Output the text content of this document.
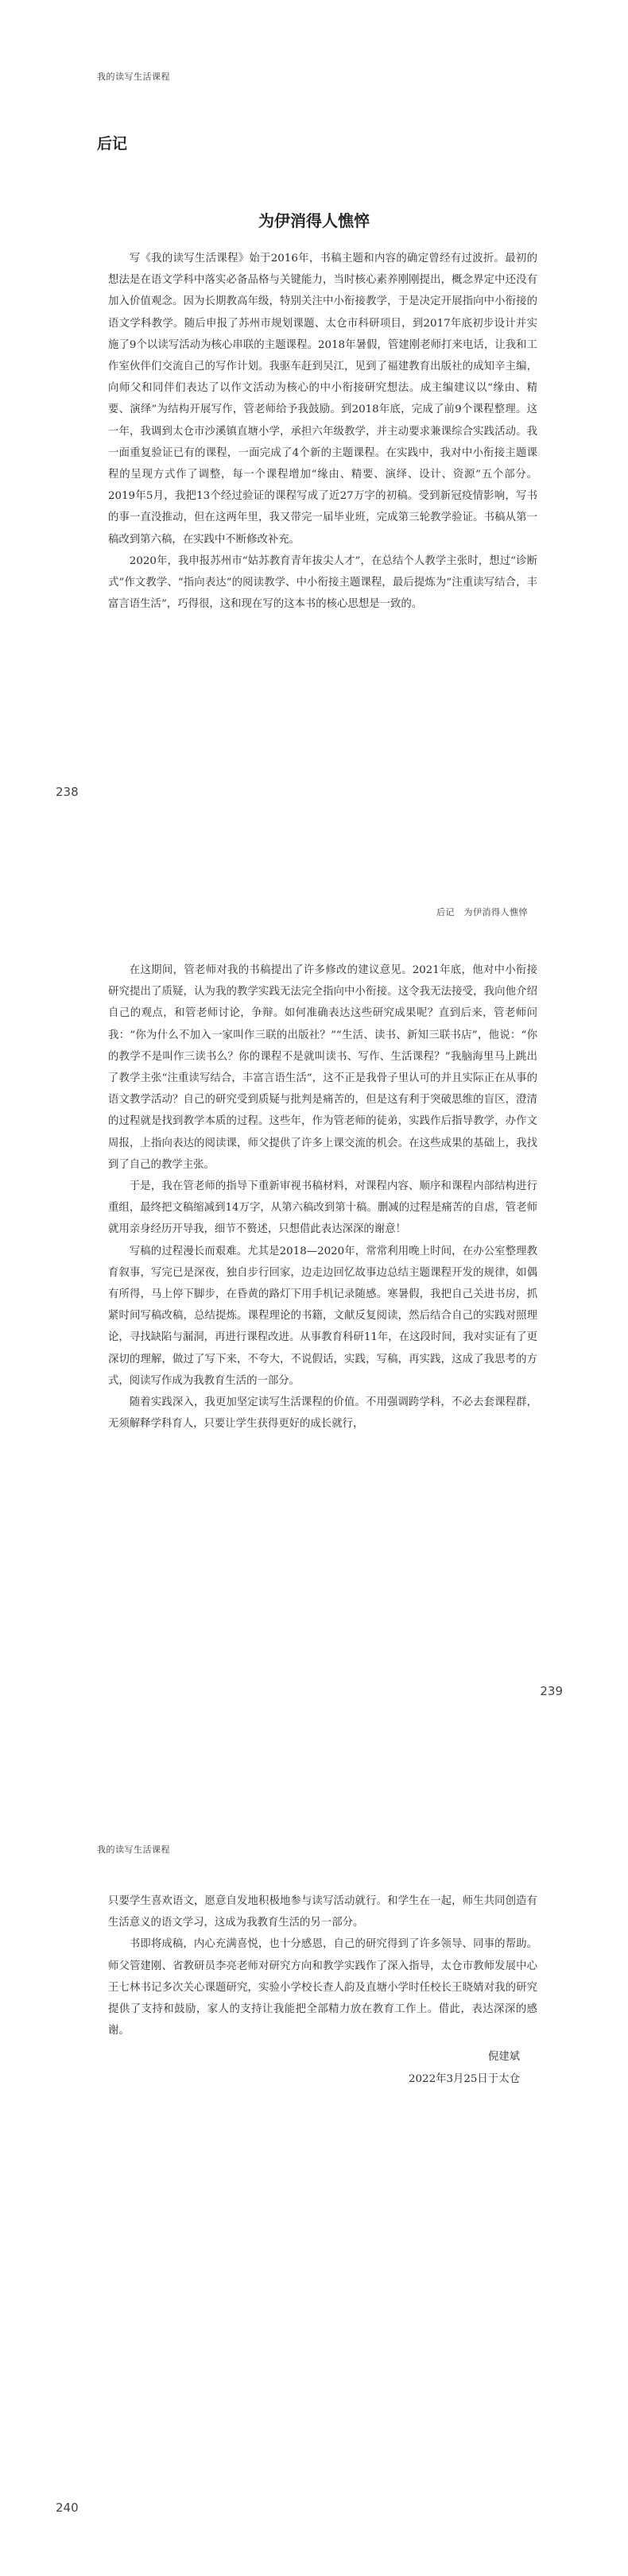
我的读写生活课程
后记
为伊消得人憔悴

写《我的读写生活课程》始于2016年，书稿主题和内容的确定曾经有过波折。最初的想法是在语文学科中落实必备品格与关键能力，当时核心素养刚刚提出，概念界定中还没有加入价值观念。因为长期教高年级，特别关注中小衔接教学，于是决定开展指向中小衔接的语文学科教学。随后申报了苏州市规划课题、太仓市科研项目，到2017年底初步设计并实施了9个以读写活动为核心串联的主题课程。2018年暑假，管建刚老师打来电话，让我和工作室伙伴们交流自己的写作计划。我驱车赶到吴江，见到了福建教育出版社的成知辛主编，向师父和同伴们表达了以作文活动为核心的中小衔接研究想法。成主编建议以“缘由、精要、演绎”为结构开展写作，管老师给予我鼓励。到2018年底，完成了前9个课程整理。这一年，我调到太仓市沙溪镇直塘小学，承担六年级教学，并主动要求兼课综合实践活动。我一面重复验证已有的课程，一面完成了4个新的主题课程。在实践中，我对中小衔接主题课程的呈现方式作了调整，每一个课程增加“缘由、精要、演绎、设计、资源”五个部分。2019年5月，我把13个经过验证的课程写成了近27万字的初稿。受到新冠疫情影响，写书的事一直没推动，但在这两年里，我又带完一届毕业班，完成第三轮教学验证。书稿从第一稿改到第六稿，在实践中不断修改补充。

2020年，我申报苏州市“姑苏教育青年拔尖人才”，在总结个人教学主张时，想过“诊断式”作文教学、“指向表达”的阅读教学、中小衔接主题课程，最后提炼为“注重读写结合，丰富言语生活”，巧得很，这和现在写的这本书的核心思想是一致的。

238
后记　为伊消得人憔悴

在这期间，管老师对我的书稿提出了许多修改的建议意见。2021年底，他对中小衔接研究提出了质疑，认为我的教学实践无法完全指向中小衔接。这令我无法接受，我向他介绍自己的观点，和管老师讨论，争辩。如何准确表达这些研究成果呢？直到后来，管老师问我：“你为什么不加入一家叫作三联的出版社？”“生活、读书、新知三联书店”，他说：“你的教学不是叫作三读书么？你的课程不是就叫读书、写作、生活课程？”我脑海里马上跳出了教学主张“注重读写结合，丰富言语生活”，这不正是我骨子里认可的并且实际正在从事的语文教学活动？自己的研究受到质疑与批判是痛苦的，但是这有利于突破思维的盲区，澄清的过程就是找到教学本质的过程。这些年，作为管老师的徒弟，实践作后指导教学，办作文周报，上指向表达的阅读课，师父提供了许多上课交流的机会。在这些成果的基础上，我找到了自己的教学主张。

于是，我在管老师的指导下重新审视书稿材料，对课程内容、顺序和课程内部结构进行重组，最终把文稿缩减到14万字，从第六稿改到第十稿。删减的过程是痛苦的自虐，管老师就用亲身经历开导我，细节不赘述，只想借此表达深深的谢意！

写稿的过程漫长而艰难。尤其是2018—2020年，常常利用晚上时间，在办公室整理教育叙事，写完已是深夜，独自步行回家，边走边回忆故事边总结主题课程开发的规律，如偶有所得，马上停下脚步，在昏黄的路灯下用手机记录随感。寒暑假，我把自己关进书房，抓紧时间写稿改稿，总结提炼。课程理论的书籍，文献反复阅读，然后结合自己的实践对照理论，寻找缺陷与漏洞，再进行课程改进。从事教育科研11年，在这段时间，我对实证有了更深切的理解，做过了写下来，不夸大，不说假话，实践，写稿，再实践，这成了我思考的方式，阅读写作成为我教育生活的一部分。

随着实践深入，我更加坚定读写生活课程的价值。不用强调跨学科，不必去套课程群，无须解释学科育人，只要让学生获得更好的成长就行，

239
我的读写生活课程

只要学生喜欢语文，愿意自发地积极地参与读写活动就行。和学生在一起，师生共同创造有生活意义的语文学习，这成为我教育生活的另一部分。

书即将成稿，内心充满喜悦，也十分感恩，自己的研究得到了许多领导、同事的帮助。师父管建刚、省教研员李亮老师对研究方向和教学实践作了深入指导，太仓市教师发展中心王七林书记多次关心课题研究，实验小学校长查人韵及直塘小学时任校长王晓婧对我的研究提供了支持和鼓励，家人的支持让我能把全部精力放在教育工作上。借此，表达深深的感谢。

倪建斌

2022年3月25日于太仓

240
